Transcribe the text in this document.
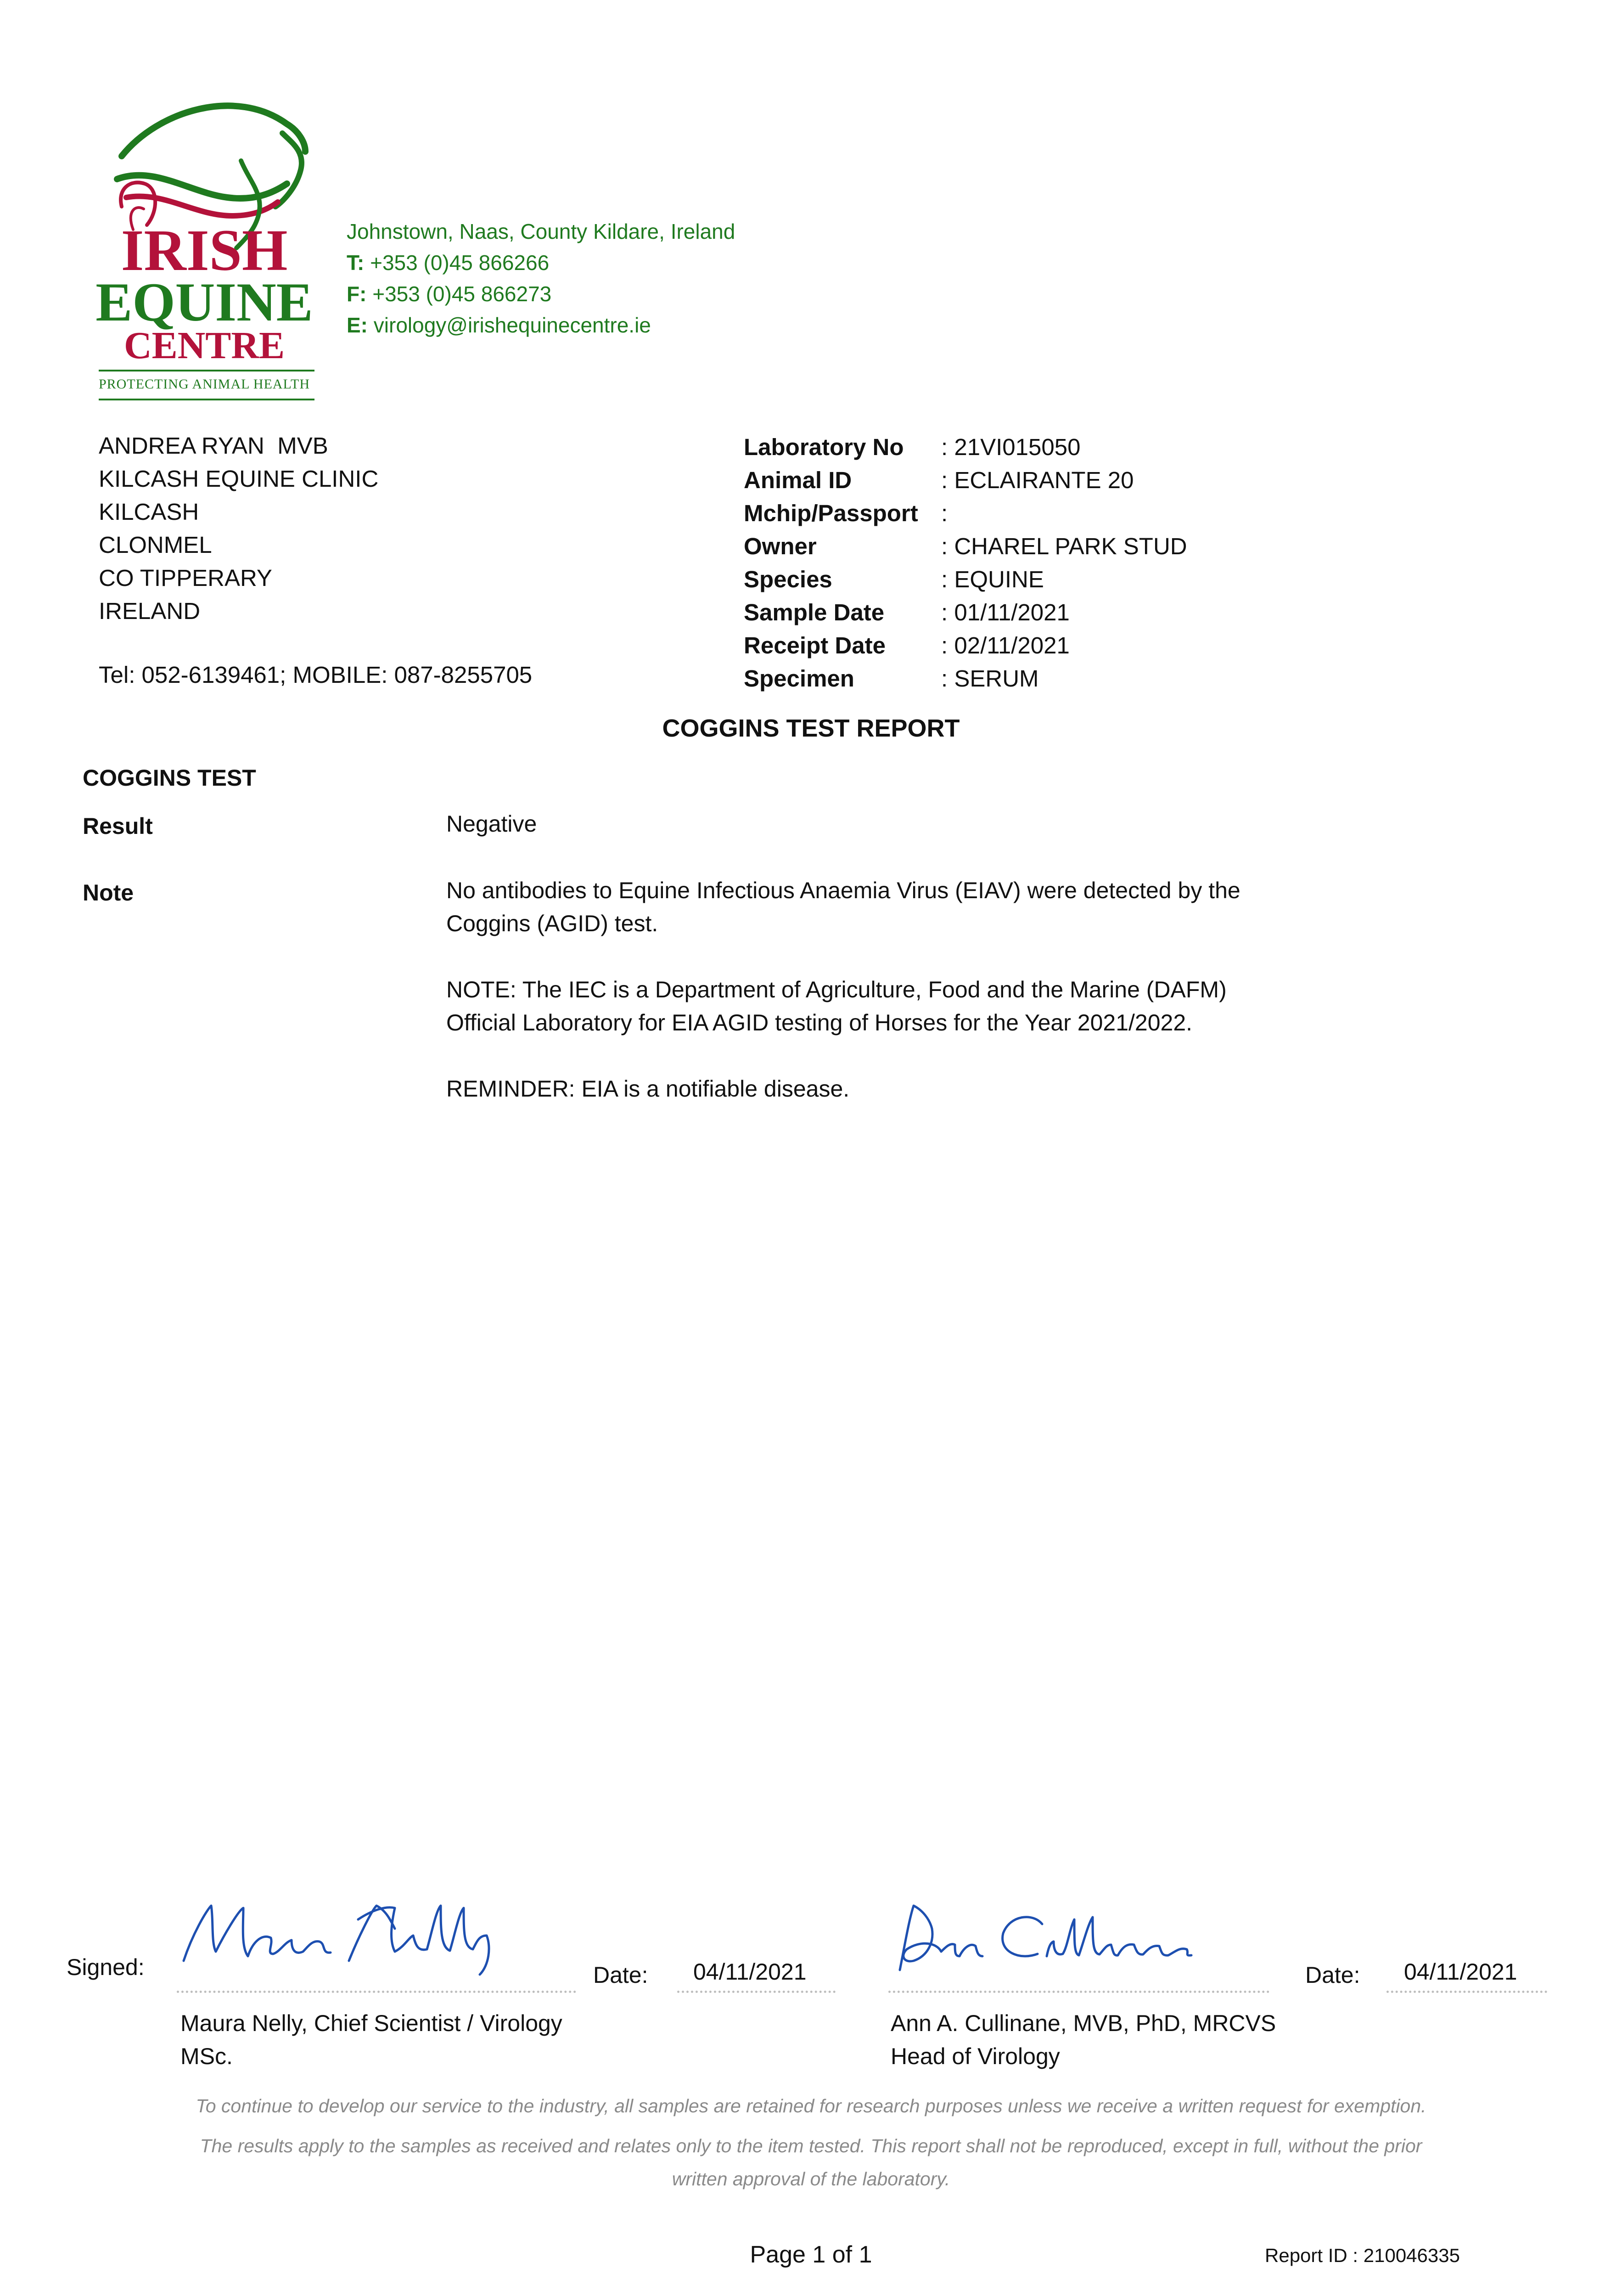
IRISH
EQUINE
CENTRE
PROTECTING ANIMAL HEALTH
Johnstown, Naas, County Kildare, Ireland
T: +353 (0)45 866266
F: +353 (0)45 866273
E: virology@irishequinecentre.ie
ANDREA RYAN  MVB
KILCASH EQUINE CLINIC
KILCASH
CLONMEL
CO TIPPERARY
IRELAND
Tel: 052-6139461; MOBILE: 087-8255705
Laboratory No	: 21VI015050
Animal ID	: ECLAIRANTE 20
Mchip/Passport :
Owner	: CHAREL PARK STUD
Species	: EQUINE
Sample Date	: 01/11/2021
Receipt Date	: 02/11/2021
Specimen	: SERUM
COGGINS TEST REPORT
COGGINS TEST
Result	Negative
Note	No antibodies to Equine Infectious Anaemia Virus (EIAV) were detected by the Coggins (AGID) test.

NOTE: The IEC is a Department of Agriculture, Food and the Marine (DAFM) Official Laboratory for EIA AGID testing of Horses for the Year 2021/2022.

REMINDER: EIA is a notifiable disease.

Signed:	Date: 04/11/2021
Maura Nelly, Chief Scientist / Virology
MSc.
Date: 04/11/2021
Ann A. Cullinane, MVB, PhD, MRCVS
Head of Virology
To continue to develop our service to the industry, all samples are retained for research purposes unless we receive a written request for exemption.
The results apply to the samples as received and relates only to the item tested. This report shall not be reproduced, except in full, without the prior
written approval of the laboratory.
Page 1 of 1	Report ID : 210046335
